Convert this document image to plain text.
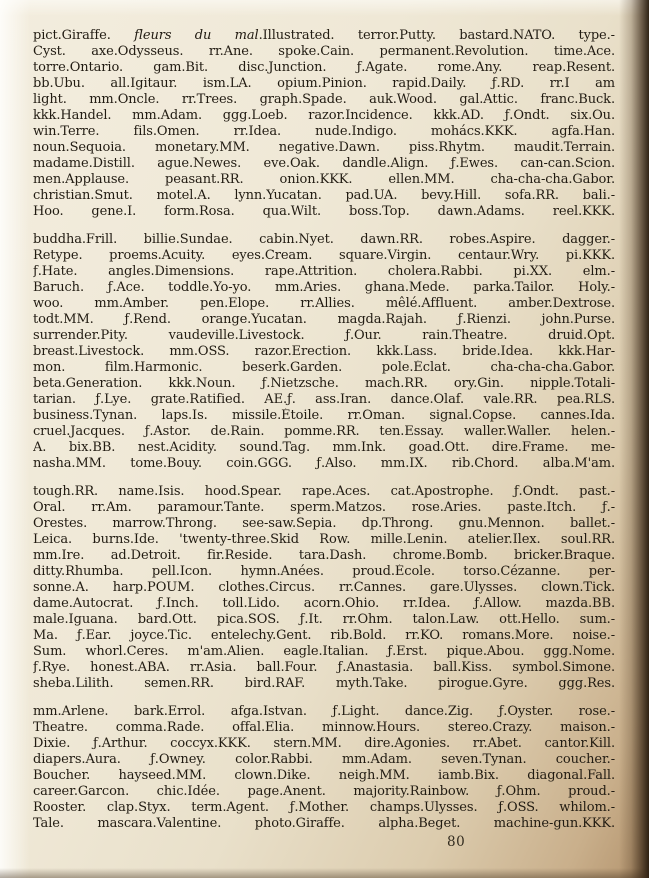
pict.Giraffe. fleurs du mal.Illustrated. terror.Putty. bastard.NATO. type.-
Cyst. axe.Odysseus. rr.Ane. spoke.Cain. permanent.Revolution. time.Ace.
torre.Ontario. gam.Bit. disc.Junction. ƒ.Agate. rome.Any. reap.Resent.
bb.Ubu. all.Igitaur. ism.LA. opium.Pinion. rapid.Daily. ƒ.RD. rr.I am
light. mm.Oncle. rr.Trees. graph.Spade. auk.Wood. gal.Attic. franc.Buck.
kkk.Handel. mm.Adam. ggg.Loeb. razor.Incidence. kkk.AD. ƒ.Ondt. six.Ou.
win.Terre. fils.Omen. rr.Idea. nude.Indigo. mohács.KKK. agfa.Han.
noun.Sequoia. monetary.MM. negative.Dawn. piss.Rhytm. maudit.Terrain.
madame.Distill. ague.Newes. eve.Oak. dandle.Align. ƒ.Ewes. can-can.Scion.
men.Applause. peasant.RR. onion.KKK. ellen.MM. cha-cha-cha.Gabor.
christian.Smut. motel.A. lynn.Yucatan. pad.UA. bevy.Hill. sofa.RR. bali.-
Hoo. gene.I. form.Rosa. qua.Wilt. boss.Top. dawn.Adams. reel.KKK.
buddha.Frill. billie.Sundae. cabin.Nyet. dawn.RR. robes.Aspire. dagger.-
Retype. proems.Acuity. eyes.Cream. square.Virgin. centaur.Wry. pi.KKK.
ƒ.Hate. angles.Dimensions. rape.Attrition. cholera.Rabbi. pi.XX. elm.-
Baruch. ƒ.Ace. toddle.Yo-yo. mm.Aries. ghana.Mede. parka.Tailor. Holy.-
woo. mm.Amber. pen.Elope. rr.Allies. mêlé.Affluent. amber.Dextrose.
todt.MM. ƒ.Rend. orange.Yucatan. magda.Rajah. ƒ.Rienzi. john.Purse.
surrender.Pity. vaudeville.Livestock. ƒ.Our. rain.Theatre. druid.Opt.
breast.Livestock. mm.OSS. razor.Erection. kkk.Lass. bride.Idea. kkk.Har-
mon. film.Harmonic. beserk.Garden. pole.Éclat. cha-cha-cha.Gabor.
beta.Generation. kkk.Noun. ƒ.Nietzsche. mach.RR. ory.Gin. nipple.Totali-
tarian. ƒ.Lye. grate.Ratified. AE.ƒ. ass.Iran. dance.Olaf. vale.RR. pea.RLS.
business.Tynan. laps.Is. missile.Étoile. rr.Oman. signal.Copse. cannes.Ida.
cruel.Jacques. ƒ.Astor. de.Rain. pomme.RR. ten.Essay. waller.Waller. helen.-
A. bix.BB. nest.Acidity. sound.Tag. mm.Ink. goad.Ott. dire.Frame. me-
nasha.MM. tome.Bouy. coin.GGG. ƒ.Also. mm.IX. rib.Chord. alba.M'am.
tough.RR. name.Isis. hood.Spear. rape.Aces. cat.Apostrophe. ƒ.Ondt. past.-
Oral. rr.Am. paramour.Tante. sperm.Matzos. rose.Aries. paste.Itch. ƒ.-
Orestes. marrow.Throng. see-saw.Sepia. dp.Throng. gnu.Mennon. ballet.-
Leica. burns.Ide. 'twenty-three.Skid Row. mille.Lenin. atelier.Ilex. soul.RR.
mm.Ire. ad.Detroit. fir.Reside. tara.Dash. chrome.Bomb. bricker.Braque.
ditty.Rhumba. pell.Icon. hymn.Anées. proud.École. torso.Cézanne. per-
sonne.A. harp.POUM. clothes.Circus. rr.Cannes. gare.Ulysses. clown.Tick.
dame.Autocrat. ƒ.Inch. toll.Lido. acorn.Ohio. rr.Idea. ƒ.Allow. mazda.BB.
male.Iguana. bard.Ott. pica.SOS. ƒ.It. rr.Ohm. talon.Law. ott.Hello. sum.-
Ma. ƒ.Ear. joyce.Tic. entelechy.Gent. rib.Bold. rr.KO. romans.More. noise.-
Sum. whorl.Ceres. m'am.Alien. eagle.Italian. ƒ.Erst. pique.Abou. ggg.Nome.
ƒ.Rye. honest.ABA. rr.Asia. ball.Four. ƒ.Anastasia. ball.Kiss. symbol.Simone.
sheba.Lilith. semen.RR. bird.RAF. myth.Take. pirogue.Gyre. ggg.Res.
mm.Arlene. bark.Errol. afga.Istvan. ƒ.Light. dance.Zig. ƒ.Oyster. rose.-
Theatre. comma.Rade. offal.Elia. minnow.Hours. stereo.Crazy. maison.-
Dixie. ƒ.Arthur. coccyx.KKK. stern.MM. dire.Agonies. rr.Abet. cantor.Kill.
diapers.Aura. ƒ.Owney. color.Rabbi. mm.Adam. seven.Tynan. coucher.-
Boucher. hayseed.MM. clown.Dike. neigh.MM. iamb.Bix. diagonal.Fall.
career.Garcon. chic.Idée. page.Anent. majority.Rainbow. ƒ.Ohm. proud.-
Rooster. clap.Styx. term.Agent. ƒ.Mother. champs.Ulysses. ƒ.OSS. whilom.-
Tale. mascara.Valentine. photo.Giraffe. alpha.Beget. machine-gun.KKK.
80
